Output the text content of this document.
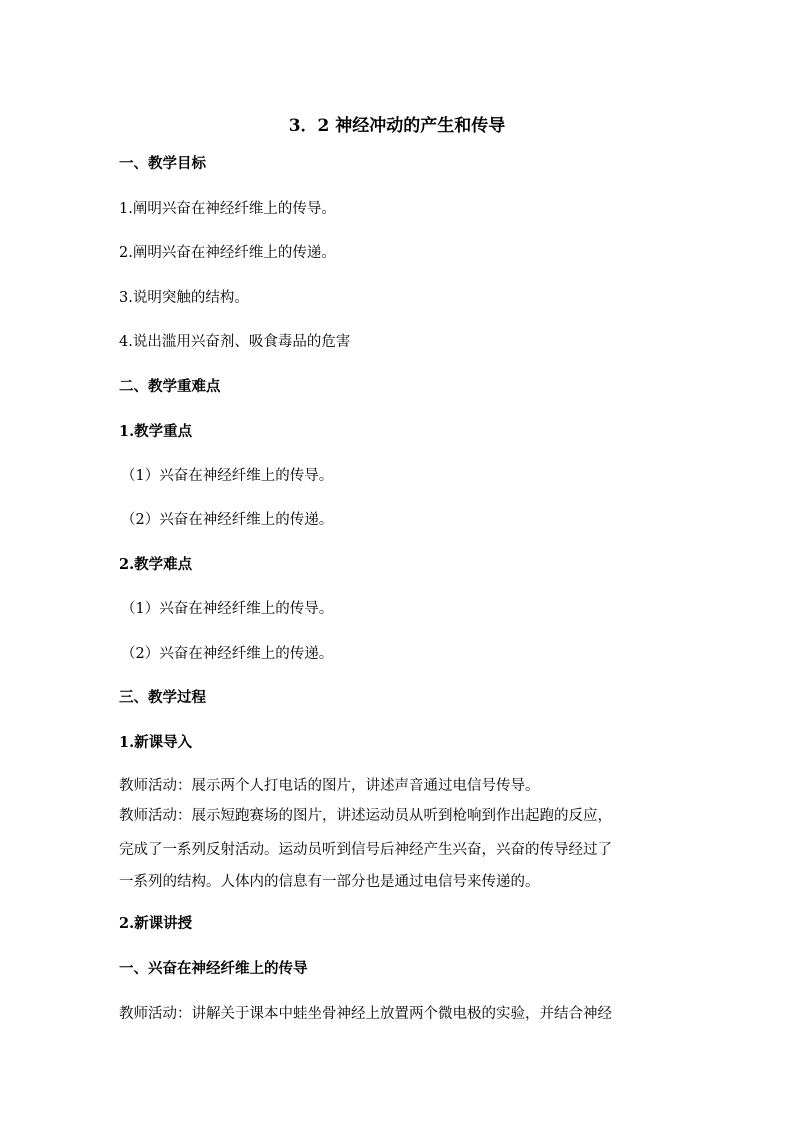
3．2 神经冲动的产生和传导
一、教学目标
1.阐明兴奋在神经纤维上的传导。
2.阐明兴奋在神经纤维上的传递。
3.说明突触的结构。
4.说出滥用兴奋剂、吸食毒品的危害
二、教学重难点
1.教学重点
（1）兴奋在神经纤维上的传导。
（2）兴奋在神经纤维上的传递。
2.教学难点
（1）兴奋在神经纤维上的传导。
（2）兴奋在神经纤维上的传递。
三、教学过程
1.新课导入
教师活动：展示两个人打电话的图片，讲述声音通过电信号传导。
教师活动：展示短跑赛场的图片，讲述运动员从听到枪响到作出起跑的反应，
完成了一系列反射活动。运动员听到信号后神经产生兴奋，兴奋的传导经过了
一系列的结构。人体内的信息有一部分也是通过电信号来传递的。
2.新课讲授
一、兴奋在神经纤维上的传导
教师活动：讲解关于课本中蛙坐骨神经上放置两个微电极的实验，并结合神经
